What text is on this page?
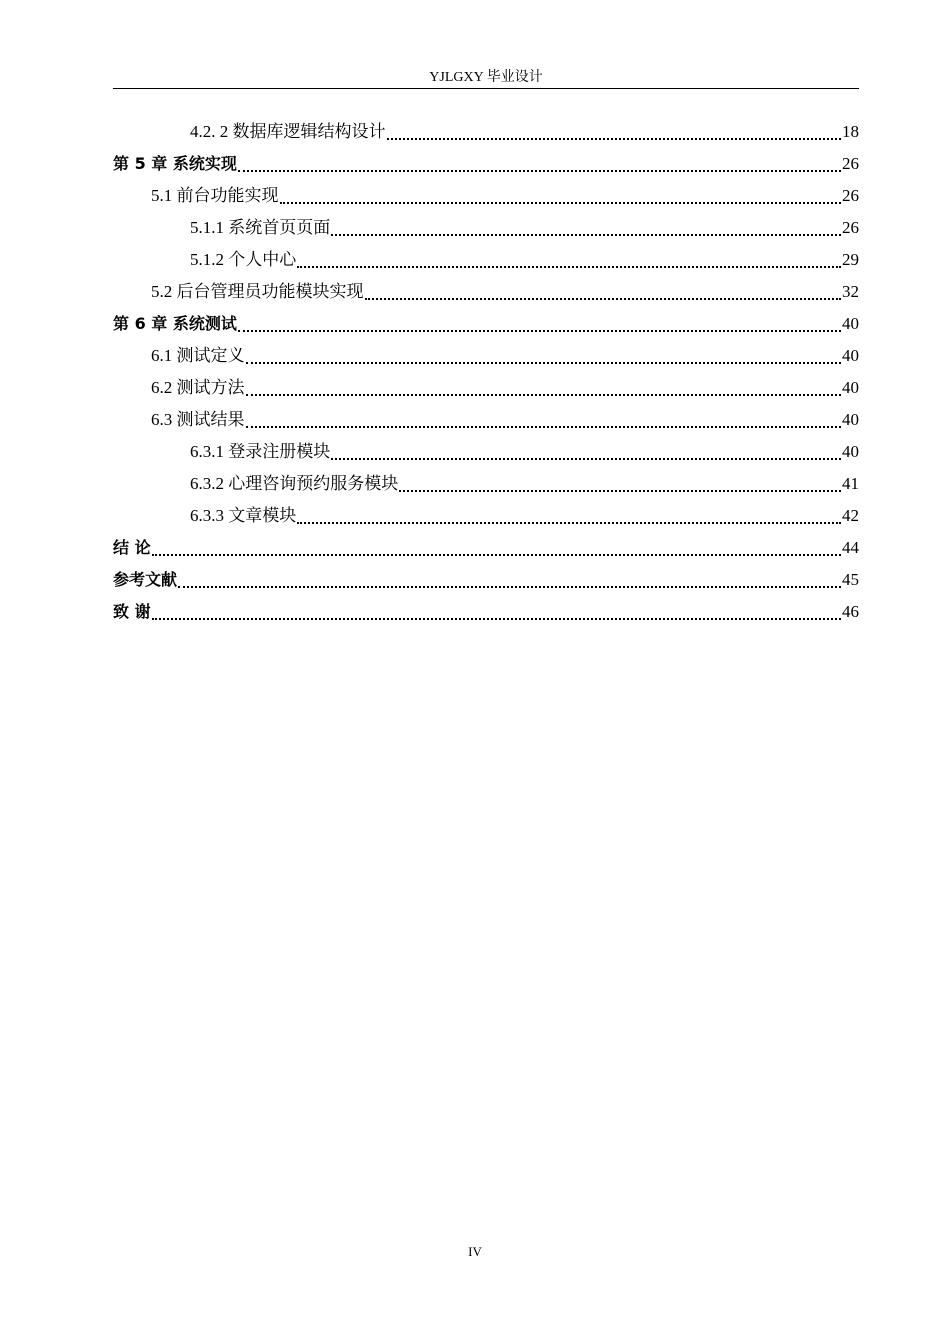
YJLGXY 毕业设计
4.2. 2 数据库逻辑结构设计	18
第 5 章 系统实现	26
5.1 前台功能实现	26
5.1.1 系统首页页面	26
5.1.2 个人中心	29
5.2 后台管理员功能模块实现	32
第 6 章 系统测试	40
6.1 测试定义	40
6.2 测试方法	40
6.3 测试结果	40
6.3.1 登录注册模块	40
6.3.2 心理咨询预约服务模块	41
6.3.3 文章模块	42
结 论	44
参考文献	45
致 谢	46
IV
